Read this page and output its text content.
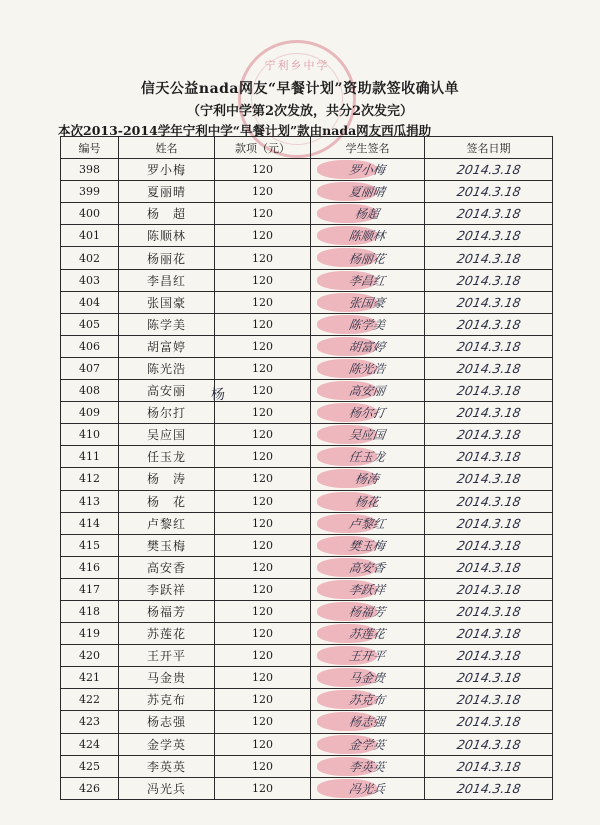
宁利乡中学
信天公益nada网友“早餐计划”资助款签收确认单
（宁利中学第2次发放，共分2次发完）
本次2013-2014学年宁利中学“早餐计划”款由nada网友西瓜捐助
编号	姓名	款项（元）	学生签名	签名日期
398	罗小梅	120	罗小梅	2014.3.18
399	夏丽晴	120	夏丽晴	2014.3.18
400	杨　超	120	杨超	2014.3.18
401	陈顺林	120	陈顺林	2014.3.18
402	杨丽花	120	杨丽花	2014.3.18
403	李昌红	120	李昌红	2014.3.18
404	张国豪	120	张国豪	2014.3.18
405	陈学美	120	陈学美	2014.3.18
406	胡富婷	120	胡富婷	2014.3.18
407	陈光浩	120	陈光浩	2014.3.18
408	高安丽	120	高安丽	2014.3.18
409	杨尔打	120	杨尔打	2014.3.18
410	吴应国	120	吴应国	2014.3.18
411	任玉龙	120	任玉龙	2014.3.18
412	杨　涛	120	杨涛	2014.3.18
413	杨　花	120	杨花	2014.3.18
414	卢黎红	120	卢黎红	2014.3.18
415	樊玉梅	120	樊玉梅	2014.3.18
416	高安香	120	高安香	2014.3.18
417	李跃祥	120	李跃祥	2014.3.18
418	杨福芳	120	杨福芳	2014.3.18
419	苏莲花	120	苏莲花	2014.3.18
420	王开平	120	王开平	2014.3.18
421	马金贵	120	马金贵	2014.3.18
422	苏克布	120	苏克布	2014.3.18
423	杨志强	120	杨志强	2014.3.18
424	金学英	120	金学英	2014.3.18
425	李英英	120	李英英	2014.3.18
426	冯光兵	120	冯光兵	2014.3.18
杨
